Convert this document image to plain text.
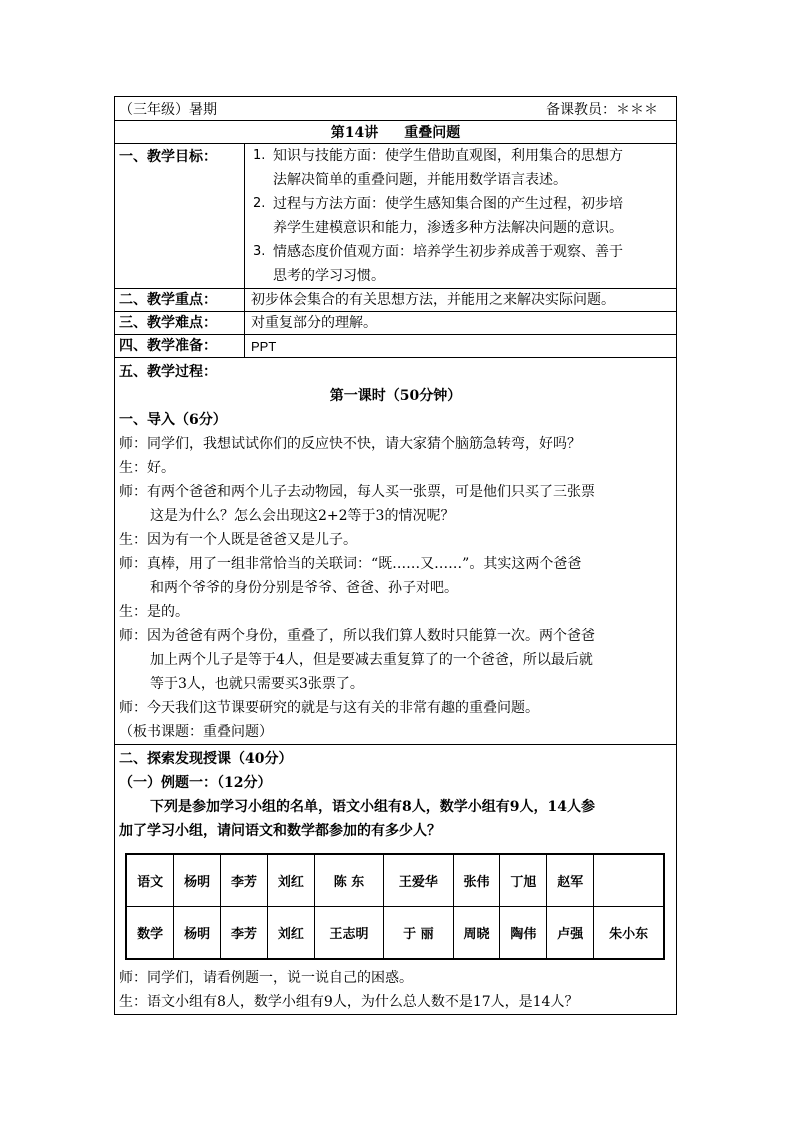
（三年级）暑期	备课教员：＊＊＊
第14讲 重叠问题
一、教学目标：	1. 知识与技能方面：使学生借助直观图，利用集合的思想方
法解决简单的重叠问题，并能用数学语言表述。
2. 过程与方法方面：使学生感知集合图的产生过程，初步培
养学生建模意识和能力，渗透多种方法解决问题的意识。
3. 情感态度价值观方面：培养学生初步养成善于观察、善于
思考的学习习惯。
二、教学重点：	初步体会集合的有关思想方法，并能用之来解决实际问题。
三、教学难点：	对重复部分的理解。
四、教学准备：	PPT

五、教学过程：

第一课时（50分钟）

一、导入（6分）

师：同学们，我想试试你们的反应快不快，请大家猜个脑筋急转弯，好吗？

生：好。

师：有两个爸爸和两个儿子去动物园，每人买一张票，可是他们只买了三张票

这是为什么？怎么会出现这2+2等于3的情况呢？

生：因为有一个人既是爸爸又是儿子。

师：真棒，用了一组非常恰当的关联词：“既……又……”。其实这两个爸爸

和两个爷爷的身份分别是爷爷、爸爸、孙子对吧。

生：是的。

师：因为爸爸有两个身份，重叠了，所以我们算人数时只能算一次。两个爸爸

加上两个儿子是等于4人，但是要减去重复算了的一个爸爸，所以最后就

等于3人，也就只需要买3张票了。

师：今天我们这节课要研究的就是与这有关的非常有趣的重叠问题。

（板书课题：重叠问题）

二、探索发现授课（40分）

（一）例题一：（12分）

下列是参加学习小组的名单，语文小组有8人，数学小组有9人，14人参

加了学习小组，请问语文和数学都参加的有多少人？

语文	杨明	李芳	刘红	陈 东	王爱华	张伟	丁旭	赵军	
数学	杨明	李芳	刘红	王志明	于 丽	周晓	陶伟	卢强	朱小东

师：同学们，请看例题一，说一说自己的困惑。

生：语文小组有8人，数学小组有9人，为什么总人数不是17人，是14人？
